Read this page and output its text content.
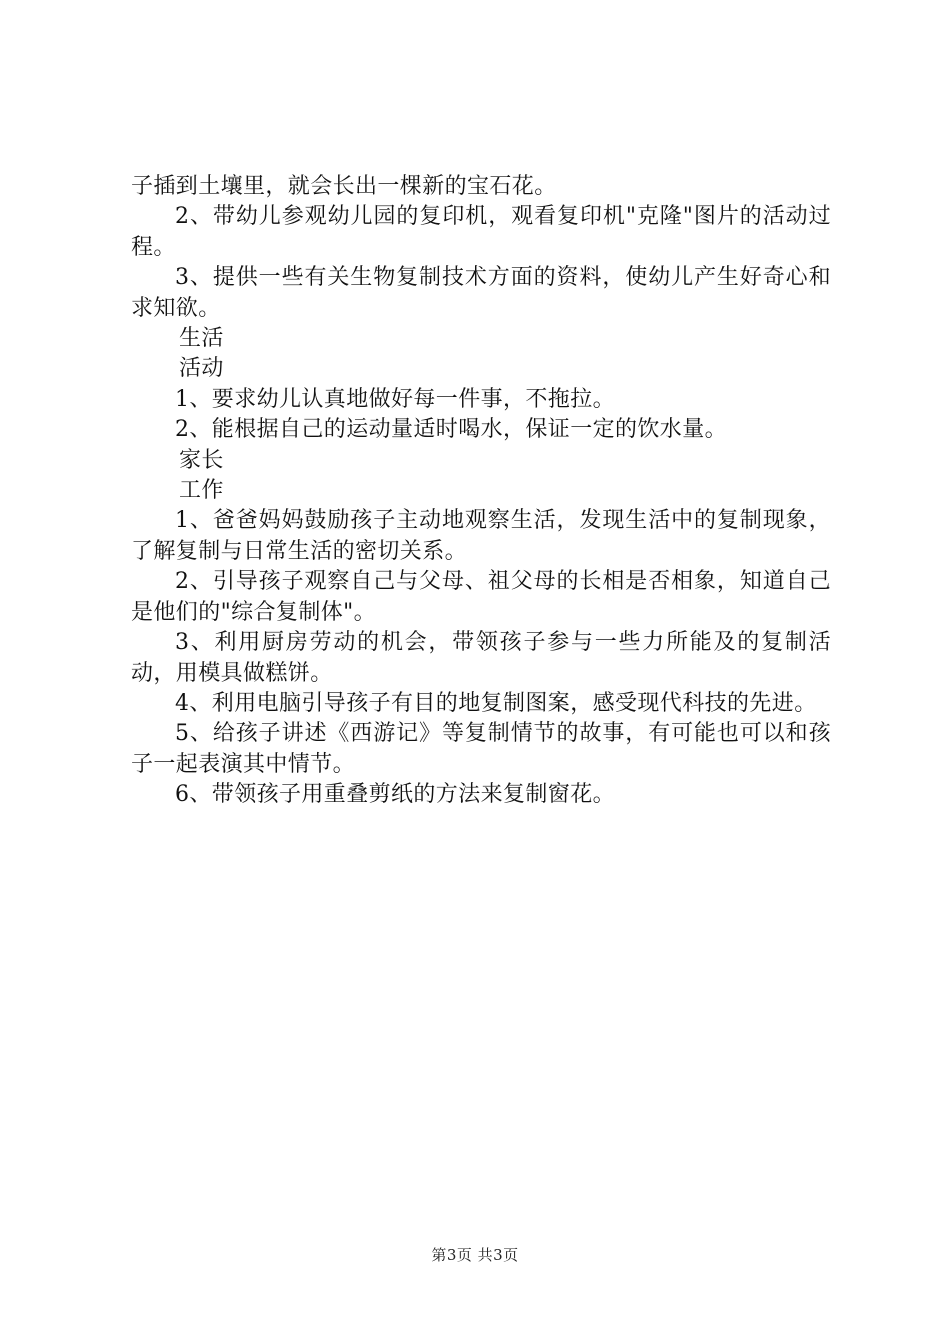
子插到土壤里，就会长出一棵新的宝石花。

2、带幼儿参观幼儿园的复印机，观看复印机"克隆"图片的活动过程。

3、提供一些有关生物复制技术方面的资料，使幼儿产生好奇心和求知欲。

生活

活动

1、要求幼儿认真地做好每一件事，不拖拉。

2、能根据自己的运动量适时喝水，保证一定的饮水量。

家长

工作

1、爸爸妈妈鼓励孩子主动地观察生活，发现生活中的复制现象，了解复制与日常生活的密切关系。

2、引导孩子观察自己与父母、祖父母的长相是否相象，知道自己是他们的"综合复制体"。

3、利用厨房劳动的机会，带领孩子参与一些力所能及的复制活动，用模具做糕饼。

4、利用电脑引导孩子有目的地复制图案，感受现代科技的先进。

5、给孩子讲述《西游记》等复制情节的故事，有可能也可以和孩子一起表演其中情节。

6、带领孩子用重叠剪纸的方法来复制窗花。

第3页 共3页
